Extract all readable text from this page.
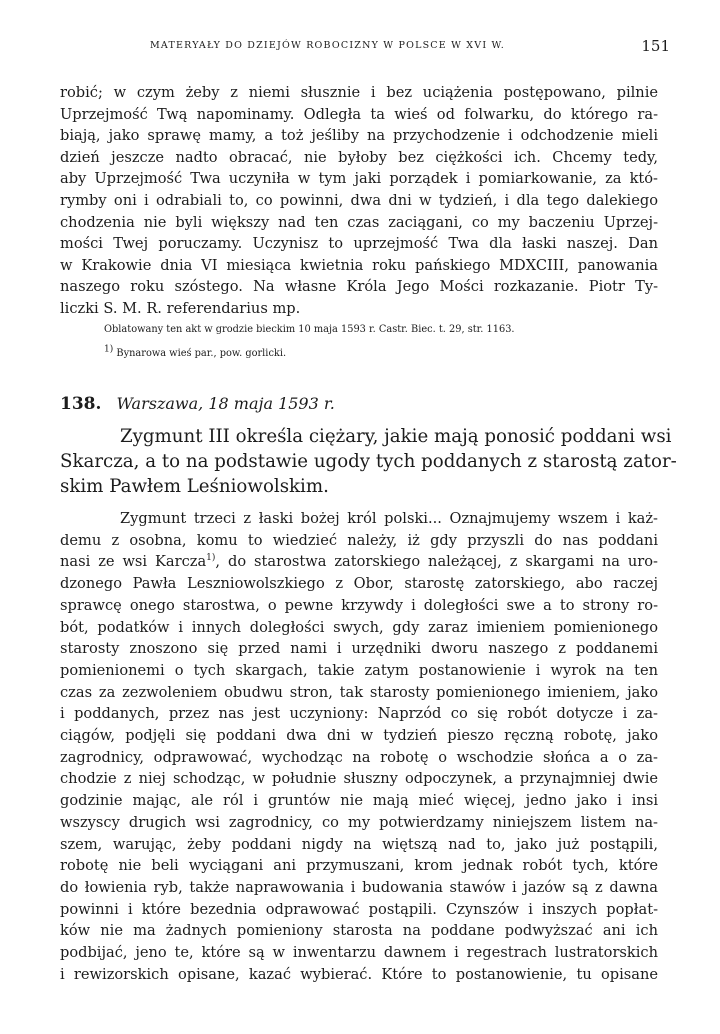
MATERYAŁY DO DZIEJÓW ROBOCIZNY W POLSCE W XVI W.	151
robić; w czym żeby z niemi słusznie i bez uciążenia postępowano, pilnie
Uprzejmość Twą napominamy. Odległa ta wieś od folwarku, do którego ra-
biają, jako sprawę mamy, a toż jeśliby na przychodzenie i odchodzenie mieli
dzień jeszcze nadto obracać, nie byłoby bez ciężkości ich. Chcemy tedy,
aby Uprzejmość Twa uczyniła w tym jaki porządek i pomiarkowanie, za któ-
rymby oni i odrabiali to, co powinni, dwa dni w tydzień, i dla tego dalekiego
chodzenia nie byli większy nad ten czas zaciągani, co my baczeniu Uprzej-
mości Twej poruczamy. Uczynisz to uprzejmość Twa dla łaski naszej. Dan
w Krakowie dnia VI miesiąca kwietnia roku pańskiego MDXCIII, panowania
naszego roku szóstego. Na własne Króla Jego Mości rozkazanie. Piotr Ty-
liczki S. M. R. referendarius mp.
Oblatowany ten akt w grodzie bieckim 10 maja 1593 r. Castr. Biec. t. 29, str. 1163.
$^{1)}$ Bynarowa wieś par., pow. gorlicki.
138. Warszawa, 18 maja 1593 r.
Zygmunt III określa ciężary, jakie mają ponosić poddani wsi
Skarcza, a to na podstawie ugody tych poddanych z starostą zator-
skim Pawłem Leśniowolskim.
Zygmunt trzeci z łaski bożej król polski... Oznajmujemy wszem i każ-
demu z osobna, komu to wiedzieć należy, iż gdy przyszli do nas poddani
nasi ze wsi Karcza$^{1)}$, do starostwa zatorskiego należącej, z skargami na uro-
dzonego Pawła Leszniowolszkiego z Obor, starostę zatorskiego, abo raczej
sprawcę onego starostwa, o pewne krzywdy i doległości swe a to strony ro-
bót, podatków i innych doległości swych, gdy zaraz imieniem pomienionego
starosty znoszono się przed nami i urzędniki dworu naszego z poddanemi
pomienionemi o tych skargach, takie zatym postanowienie i wyrok na ten
czas za zezwoleniem obudwu stron, tak starosty pomienionego imieniem, jako
i poddanych, przez nas jest uczyniony: Naprzód co się robót dotycze i za-
ciągów, podjęli się poddani dwa dni w tydzień pieszo ręczną robotę, jako
zagrodnicy, odprawować, wychodząc na robotę o wschodzie słońca a o za-
chodzie z niej schodząc, w południe słuszny odpoczynek, a przynajmniej dwie
godzinie mając, ale ról i gruntów nie mają mieć więcej, jedno jako i insi
wszyscy drugich wsi zagrodnicy, co my potwierdzamy niniejszem listem na-
szem, warując, żeby poddani nigdy na więtszą nad to, jako już postąpili,
robotę nie beli wyciągani ani przymuszani, krom jednak robót tych, które
do łowienia ryb, także naprawowania i budowania stawów i jazów są z dawna
powinni i które bezednia odprawować postąpili. Czynszów i inszych popłat-
ków nie ma żadnych pomieniony starosta na poddane podwyższać ani ich
podbijać, jeno te, które są w inwentarzu dawnem i regestrach lustratorskich
i rewizorskich opisane, kazać wybierać. Które to postanowienie, tu opisane
